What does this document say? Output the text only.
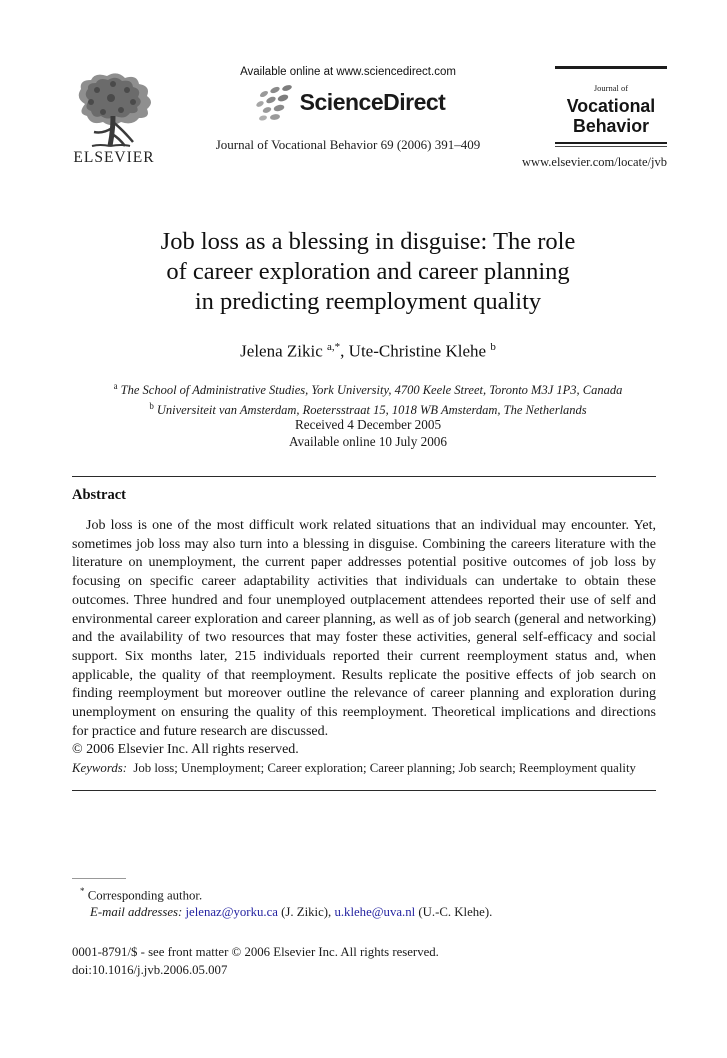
ELSEVIER
Available online at www.sciencedirect.com
ScienceDirect
Journal of Vocational Behavior 69 (2006) 391–409
Journal of
Vocational
Behavior
www.elsevier.com/locate/jvb
Job loss as a blessing in disguise: The role
of career exploration and career planning
in predicting reemployment quality
Jelena Zikic $^{a,*}$, Ute-Christine Klehe $^b$
$^a$ The School of Administrative Studies, York University, 4700 Keele Street, Toronto M3J 1P3, Canada
$^b$ Universiteit van Amsterdam, Roetersstraat 15, 1018 WB Amsterdam, The Netherlands
Received 4 December 2005
Available online 10 July 2006
Abstract

Job loss is one of the most difficult work related situations that an individual may encounter. Yet, sometimes job loss may also turn into a blessing in disguise. Combining the careers literature with the literature on unemployment, the current paper addresses potential positive outcomes of job loss by focusing on specific career adaptability activities that individuals can undertake to obtain these outcomes. Three hundred and four unemployed outplacement attendees reported their use of self and environmental career exploration and career planning, as well as of job search (general and networking) and the availability of two resources that may foster these activities, general self-efficacy and social support. Six months later, 215 individuals reported their current reemployment status and, when applicable, the quality of that reemployment. Results replicate the positive effects of job search on finding reemployment but moreover outline the relevance of career planning and exploration during unemployment on ensuring the quality of this reemployment. Theoretical implications and directions for practice and future research are discussed.

© 2006 Elsevier Inc. All rights reserved.
Keywords: Job loss; Unemployment; Career exploration; Career planning; Job search; Reemployment quality
* Corresponding author.
E-mail addresses: jelenaz@yorku.ca (J. Zikic), u.klehe@uva.nl (U.-C. Klehe).
0001-8791/$ - see front matter © 2006 Elsevier Inc. All rights reserved.
doi:10.1016/j.jvb.2006.05.007
